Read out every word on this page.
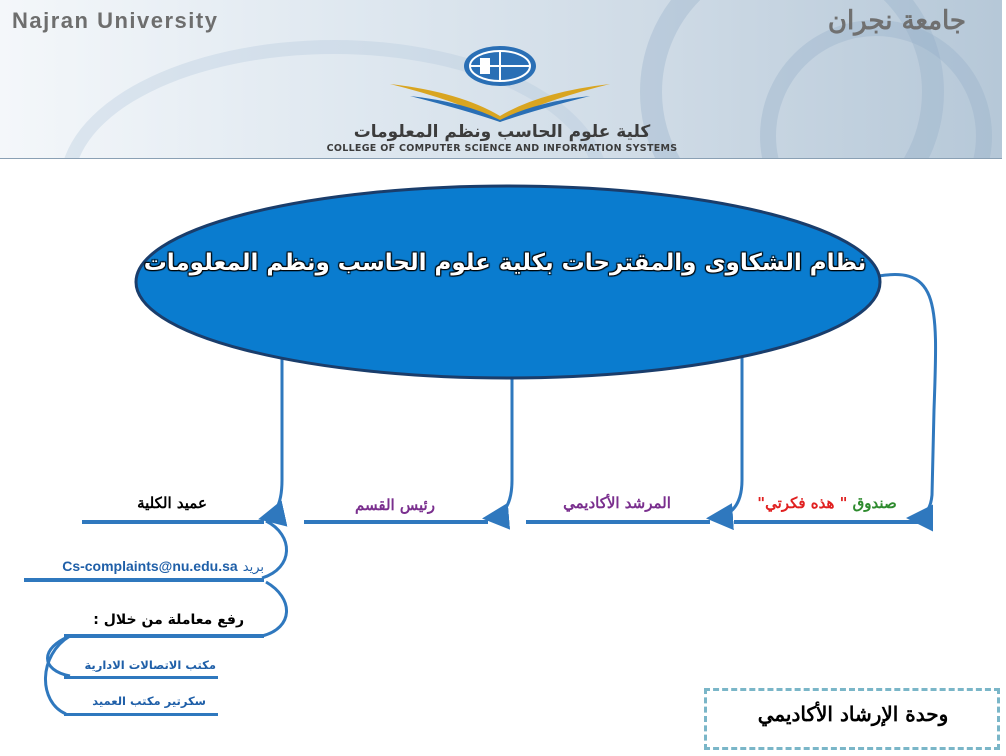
Najran University	جامعة نجران
كلية علوم الحاسب ونظم المعلومات
COLLEGE OF COMPUTER SCIENCE AND INFORMATION SYSTEMS
نظام الشكاوى والمقترحات بكلية علوم الحاسب ونظم المعلومات
صندوق " هذه فكرتي"
المرشد الأكاديمي
رئيس القسم
عميد الكلية
بريد Cs-complaints@nu.edu.sa
رفع معاملة من خلال :
مكتب الاتصالات الادارية
سكرتير مكتب العميد
وحدة الإرشاد الأكاديمي
